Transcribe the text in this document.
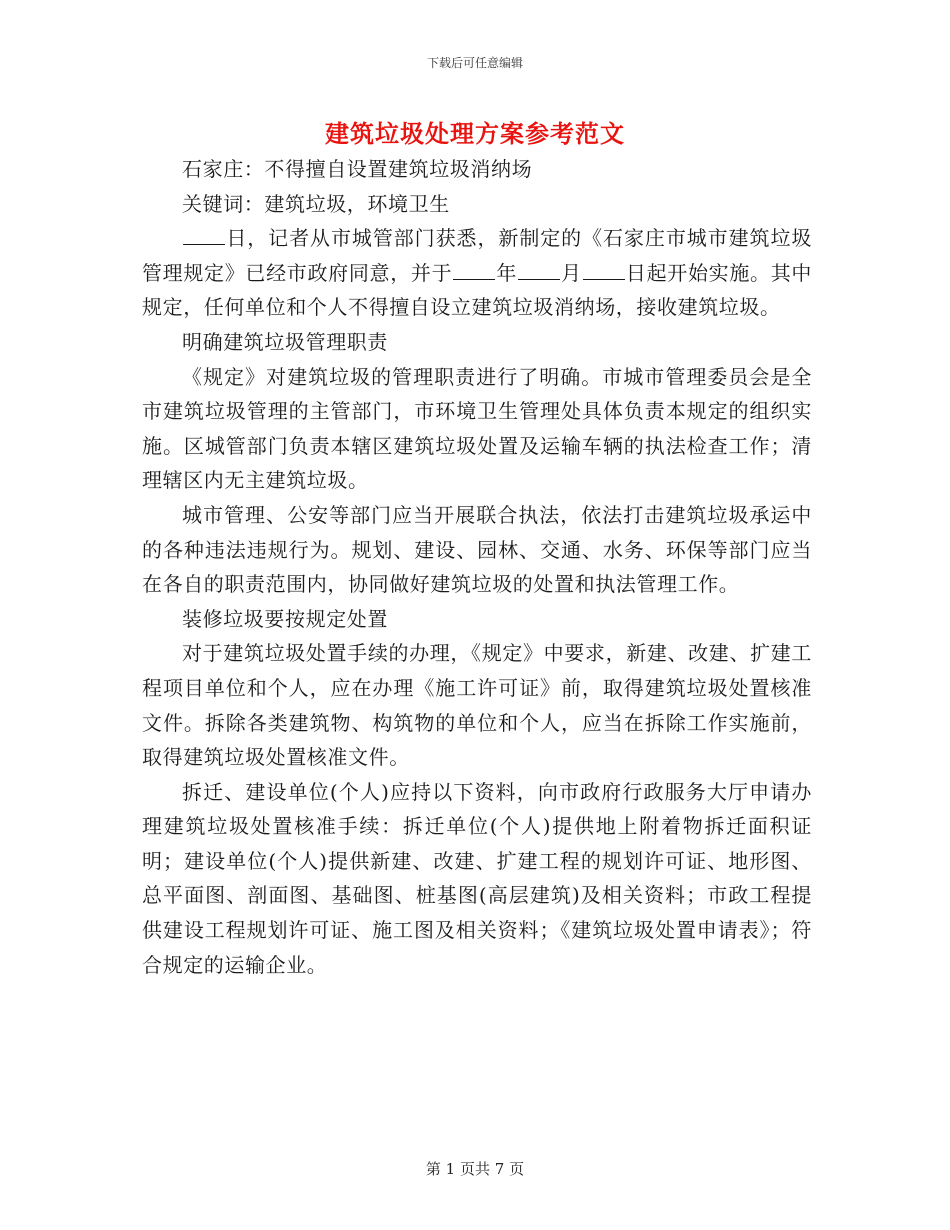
下载后可任意编辑
建筑垃圾处理方案参考范文

石家庄：不得擅自设置建筑垃圾消纳场

关键词：建筑垃圾，环境卫生

日，记者从市城管部门获悉，新制定的《石家庄市城市建筑垃圾管理规定》已经市政府同意，并于 年 月 日起开始实施。其中规定，任何单位和个人不得擅自设立建筑垃圾消纳场，接收建筑垃圾。

明确建筑垃圾管理职责

《规定》对建筑垃圾的管理职责进行了明确。市城市管理委员会是全市建筑垃圾管理的主管部门，市环境卫生管理处具体负责本规定的组织实施。区城管部门负责本辖区建筑垃圾处置及运输车辆的执法检查工作；清理辖区内无主建筑垃圾。

城市管理、公安等部门应当开展联合执法，依法打击建筑垃圾承运中的各种违法违规行为。规划、建设、园林、交通、水务、环保等部门应当在各自的职责范围内，协同做好建筑垃圾的处置和执法管理工作。

装修垃圾要按规定处置

对于建筑垃圾处置手续的办理，《规定》中要求，新建、改建、扩建工程项目单位和个人，应在办理《施工许可证》前，取得建筑垃圾处置核准文件。拆除各类建筑物、构筑物的单位和个人，应当在拆除工作实施前，取得建筑垃圾处置核准文件。

拆迁、建设单位(个人)应持以下资料，向市政府行政服务大厅申请办理建筑垃圾处置核准手续：拆迁单位(个人)提供地上附着物拆迁面积证明；建设单位(个人)提供新建、改建、扩建工程的规划许可证、地形图、总平面图、剖面图、基础图、桩基图(高层建筑)及相关资料；市政工程提供建设工程规划许可证、施工图及相关资料；《建筑垃圾处置申请表》；符合规定的运输企业。

第 1 页共 7 页
